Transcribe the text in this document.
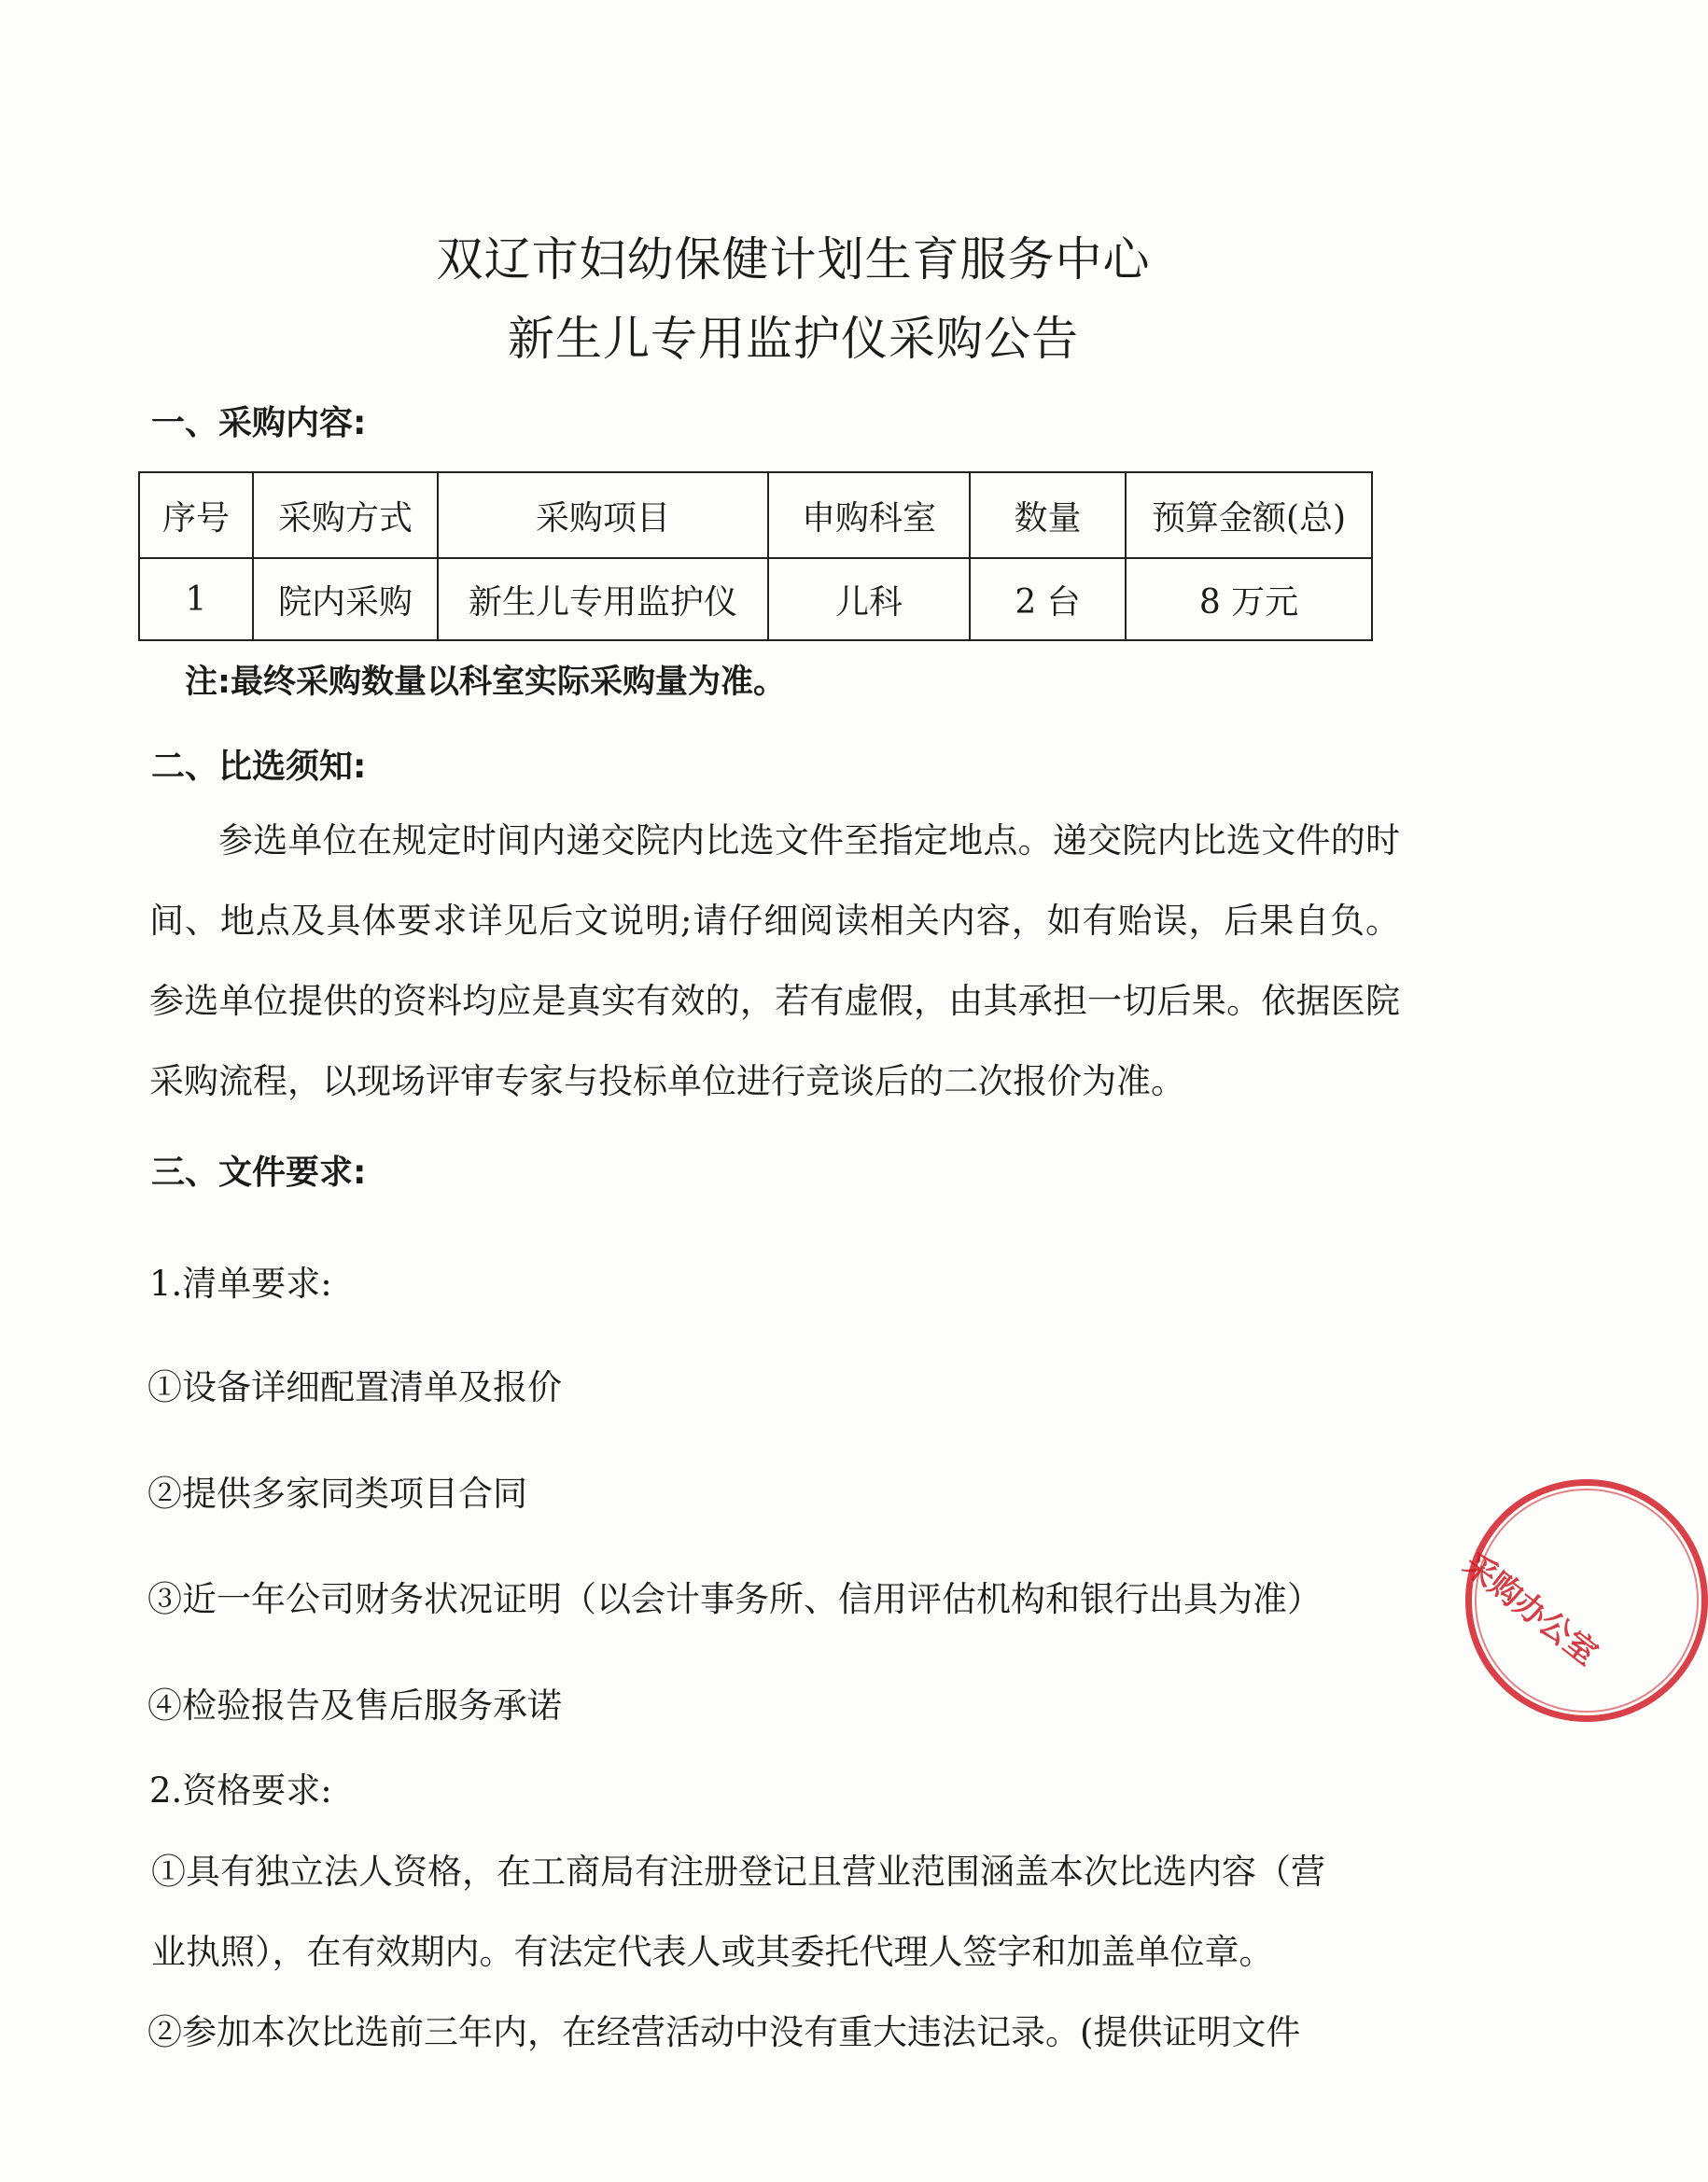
双辽市妇幼保健计划生育服务中心
新生儿专用监护仪采购公告
一、采购内容:
序号	采购方式	采购项目	申购科室	数量	预算金额(总)
1	院内采购	新生儿专用监护仪	儿科	2 台	8 万元
注:最终采购数量以科室实际采购量为准。
二、比选须知:

参选单位在规定时间内递交院内比选文件至指定地点。递交院内比选文件的时间、地点及具体要求详见后文说明;请仔细阅读相关内容，如有贻误，后果自负。参选单位提供的资料均应是真实有效的，若有虚假，由其承担一切后果。依据医院采购流程，以现场评审专家与投标单位进行竞谈后的二次报价为准。

三、文件要求:
1.清单要求:
①设备详细配置清单及报价
②提供多家同类项目合同
③近一年公司财务状况证明（以会计事务所、信用评估机构和银行出具为准）
④检验报告及售后服务承诺
2.资格要求:
①具有独立法人资格，在工商局有注册登记且营业范围涵盖本次比选内容（营
业执照），在有效期内。有法定代表人或其委托代理人签字和加盖单位章。
②参加本次比选前三年内，在经营活动中没有重大违法记录。(提供证明文件
采购办公室
